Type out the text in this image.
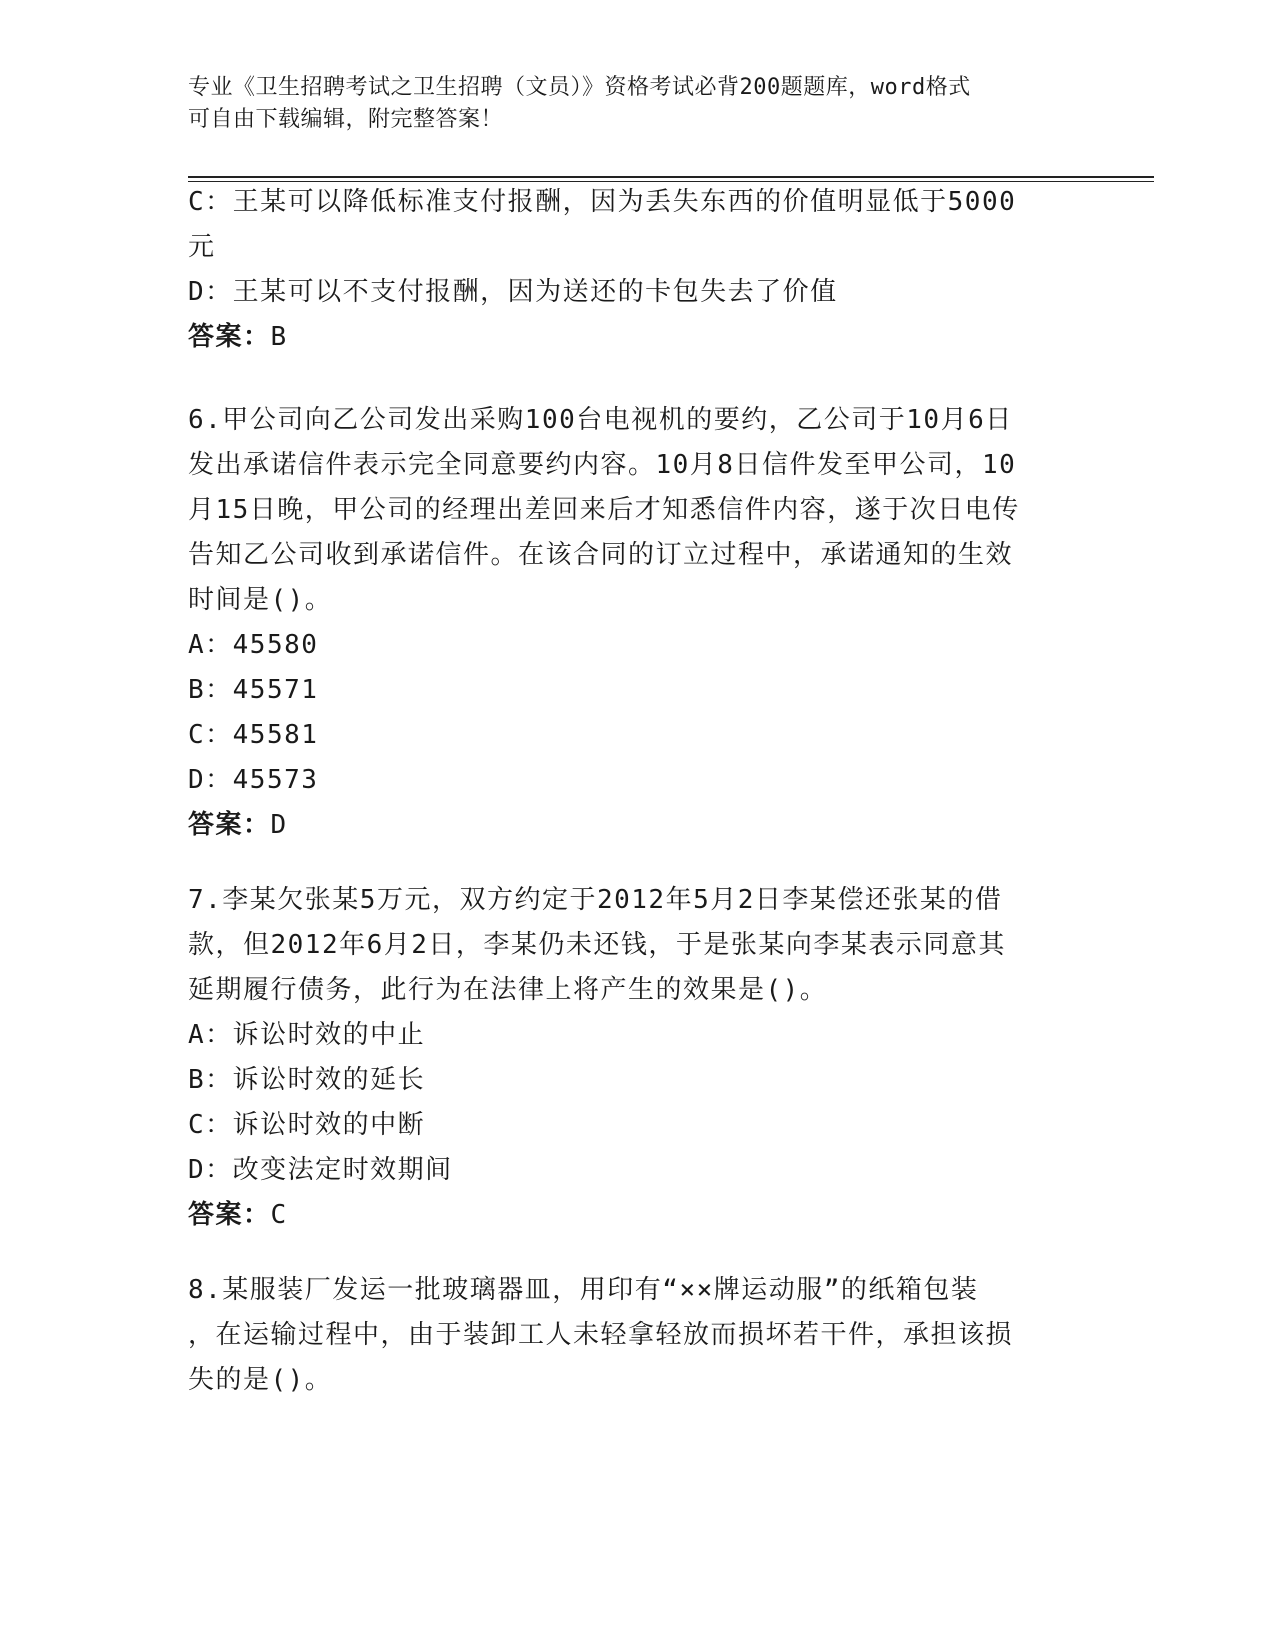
专业《卫生招聘考试之卫生招聘（文员）》资格考试必背200题题库，word格式
可自由下载编辑，附完整答案！
C：王某可以降低标准支付报酬，因为丢失东西的价值明显低于5000
元
D：王某可以不支付报酬，因为送还的卡包失去了价值
答案：B
6.甲公司向乙公司发出采购100台电视机的要约，乙公司于10月6日
发出承诺信件表示完全同意要约内容。10月8日信件发至甲公司，10
月15日晚，甲公司的经理出差回来后才知悉信件内容，遂于次日电传
告知乙公司收到承诺信件。在该合同的订立过程中，承诺通知的生效
时间是()。
A：45580
B：45571
C：45581
D：45573
答案：D
7.李某欠张某5万元，双方约定于2012年5月2日李某偿还张某的借
款，但2012年6月2日，李某仍未还钱，于是张某向李某表示同意其
延期履行债务，此行为在法律上将产生的效果是()。
A：诉讼时效的中止
B：诉讼时效的延长
C：诉讼时效的中断
D：改变法定时效期间
答案：C
8.某服装厂发运一批玻璃器皿，用印有“××牌运动服”的纸箱包装
，在运输过程中，由于装卸工人未轻拿轻放而损坏若干件，承担该损
失的是()。
